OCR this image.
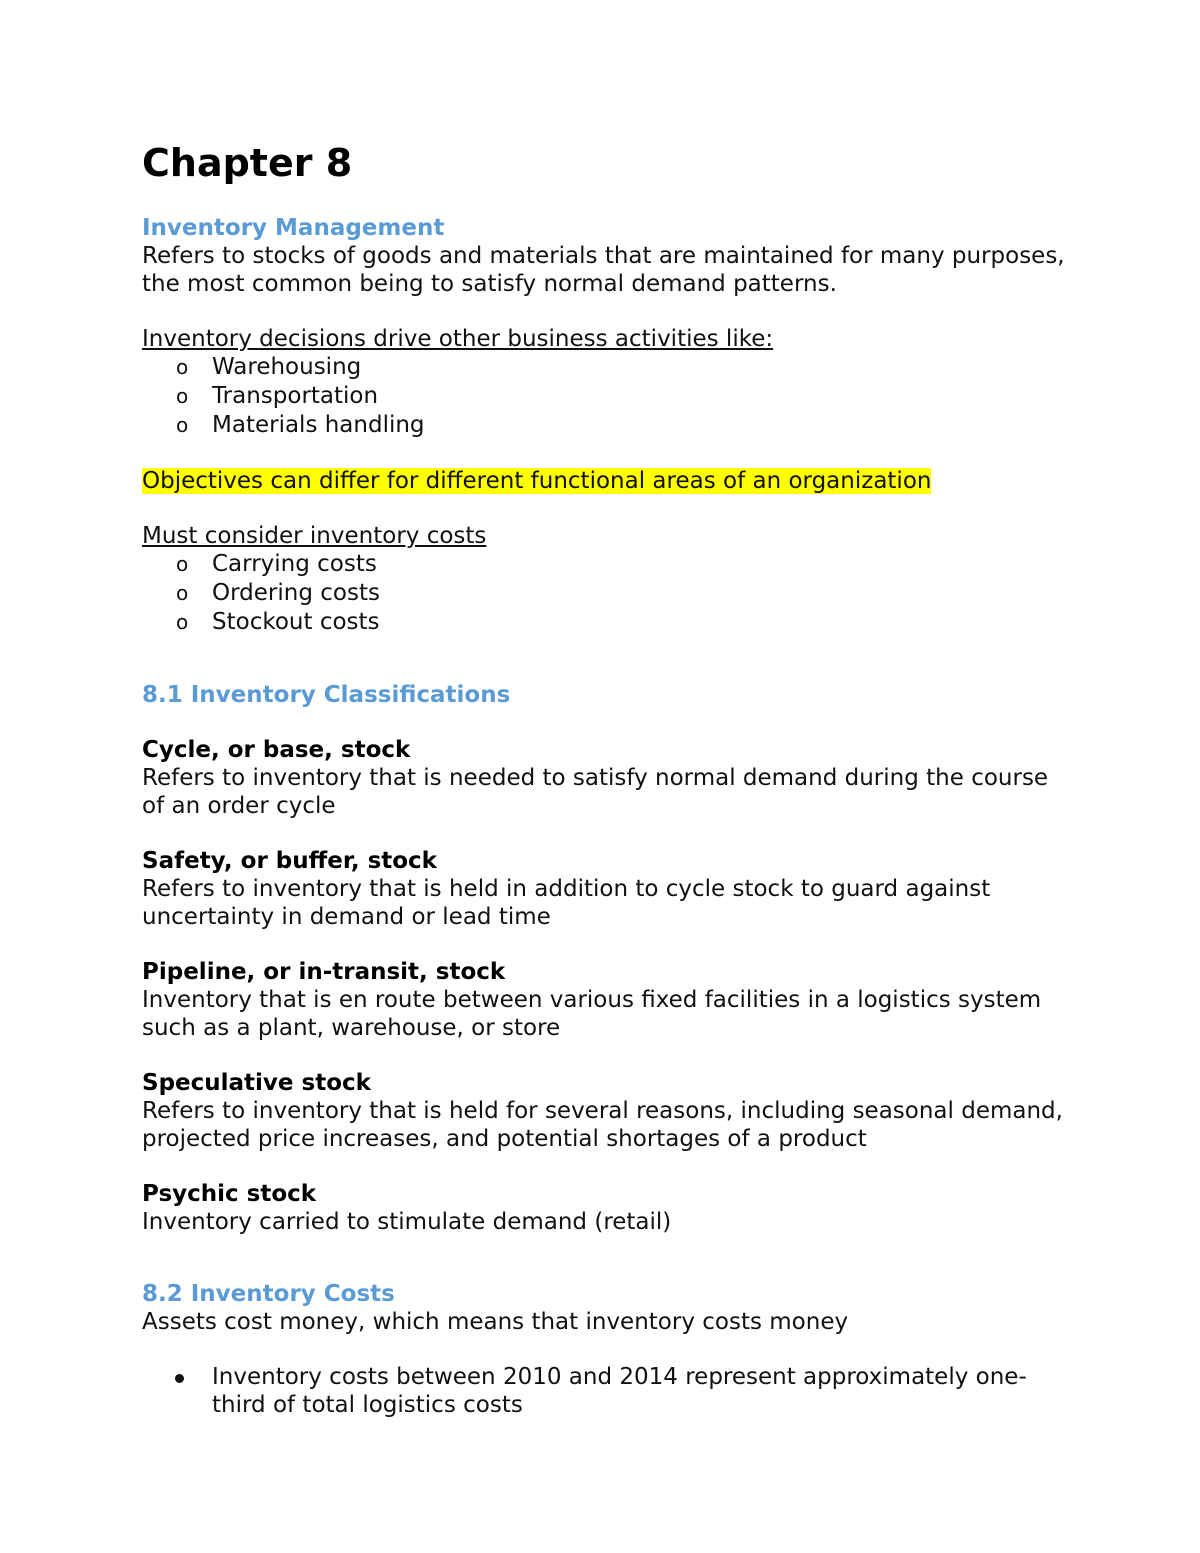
Chapter 8

Inventory Management

Refers to stocks of goods and materials that are maintained for many purposes, the most common being to satisfy normal demand patterns.

Inventory decisions drive other business activities like:

o Warehousing
o Transportation
o Materials handling

Objectives can differ for different functional areas of an organization

Must consider inventory costs

o Carrying costs
o Ordering costs
o Stockout costs

8.1 Inventory Classifications

Cycle, or base, stock

Refers to inventory that is needed to satisfy normal demand during the course of an order cycle

Safety, or buffer, stock

Refers to inventory that is held in addition to cycle stock to guard against uncertainty in demand or lead time

Pipeline, or in-transit, stock

Inventory that is en route between various fixed facilities in a logistics system such as a plant, warehouse, or store

Speculative stock

Refers to inventory that is held for several reasons, including seasonal demand, projected price increases, and potential shortages of a product

Psychic stock

Inventory carried to stimulate demand (retail)

8.2 Inventory Costs

Assets cost money, which means that inventory costs money

Inventory costs between 2010 and 2014 represent approximately one-third of total logistics costs
